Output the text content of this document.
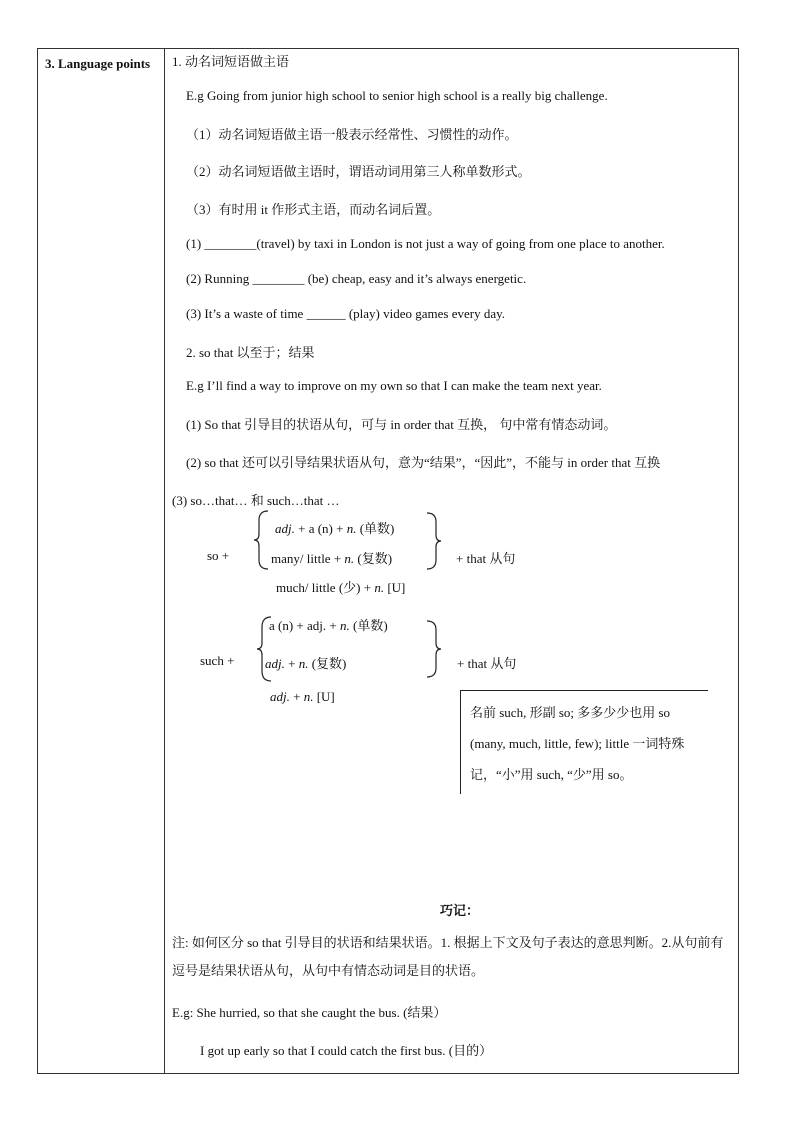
3. Language points	1. 动名词短语做主语
E.g Going from junior high school to senior high school is a really big challenge.
（1）动名词短语做主语一般表示经常性、习惯性的动作。
（2）动名词短语做主语时，谓语动词用第三人称单数形式。
（3）有时用 it 作形式主语，而动名词后置。
(1) ________(travel) by taxi in London is not just a way of going from one place to another.
(2) Running ________ (be) cheap, easy and it’s always energetic.
(3) It’s a waste of time ______ (play) video games every day.
2. so that 以至于；结果
E.g I’ll find a way to improve on my own so that I can make the team next year.
(1) So that 引导目的状语从句，可与 in order that 互换， 句中常有情态动词。
(2) so that 还可以引导结果状语从句，意为“结果”，“因此”，不能与 in order that 互换
(3) so…that… 和 such…that …
so +
adj. + a (n) + n. (单数)
many/ little + n. (复数)	+ that 从句
much/ little (少) + n. [U]
such +
a (n) + adj. + n. (单数)
adj. + n. (复数)	+ that 从句
adj. + n. [U]
名前 such, 形副 so; 多多少少也用 so (many, much, little, few); little 一词特殊记，“小”用 such, “少”用 so。
巧记：
注: 如何区分 so that 引导目的状语和结果状语。1. 根据上下文及句子表达的意思判断。2.从句前有逗号是结果状语从句，从句中有情态动词是目的状语。
E.g: She hurried, so that she caught the bus. (结果）
I got up early so that I could catch the first bus. (目的）
